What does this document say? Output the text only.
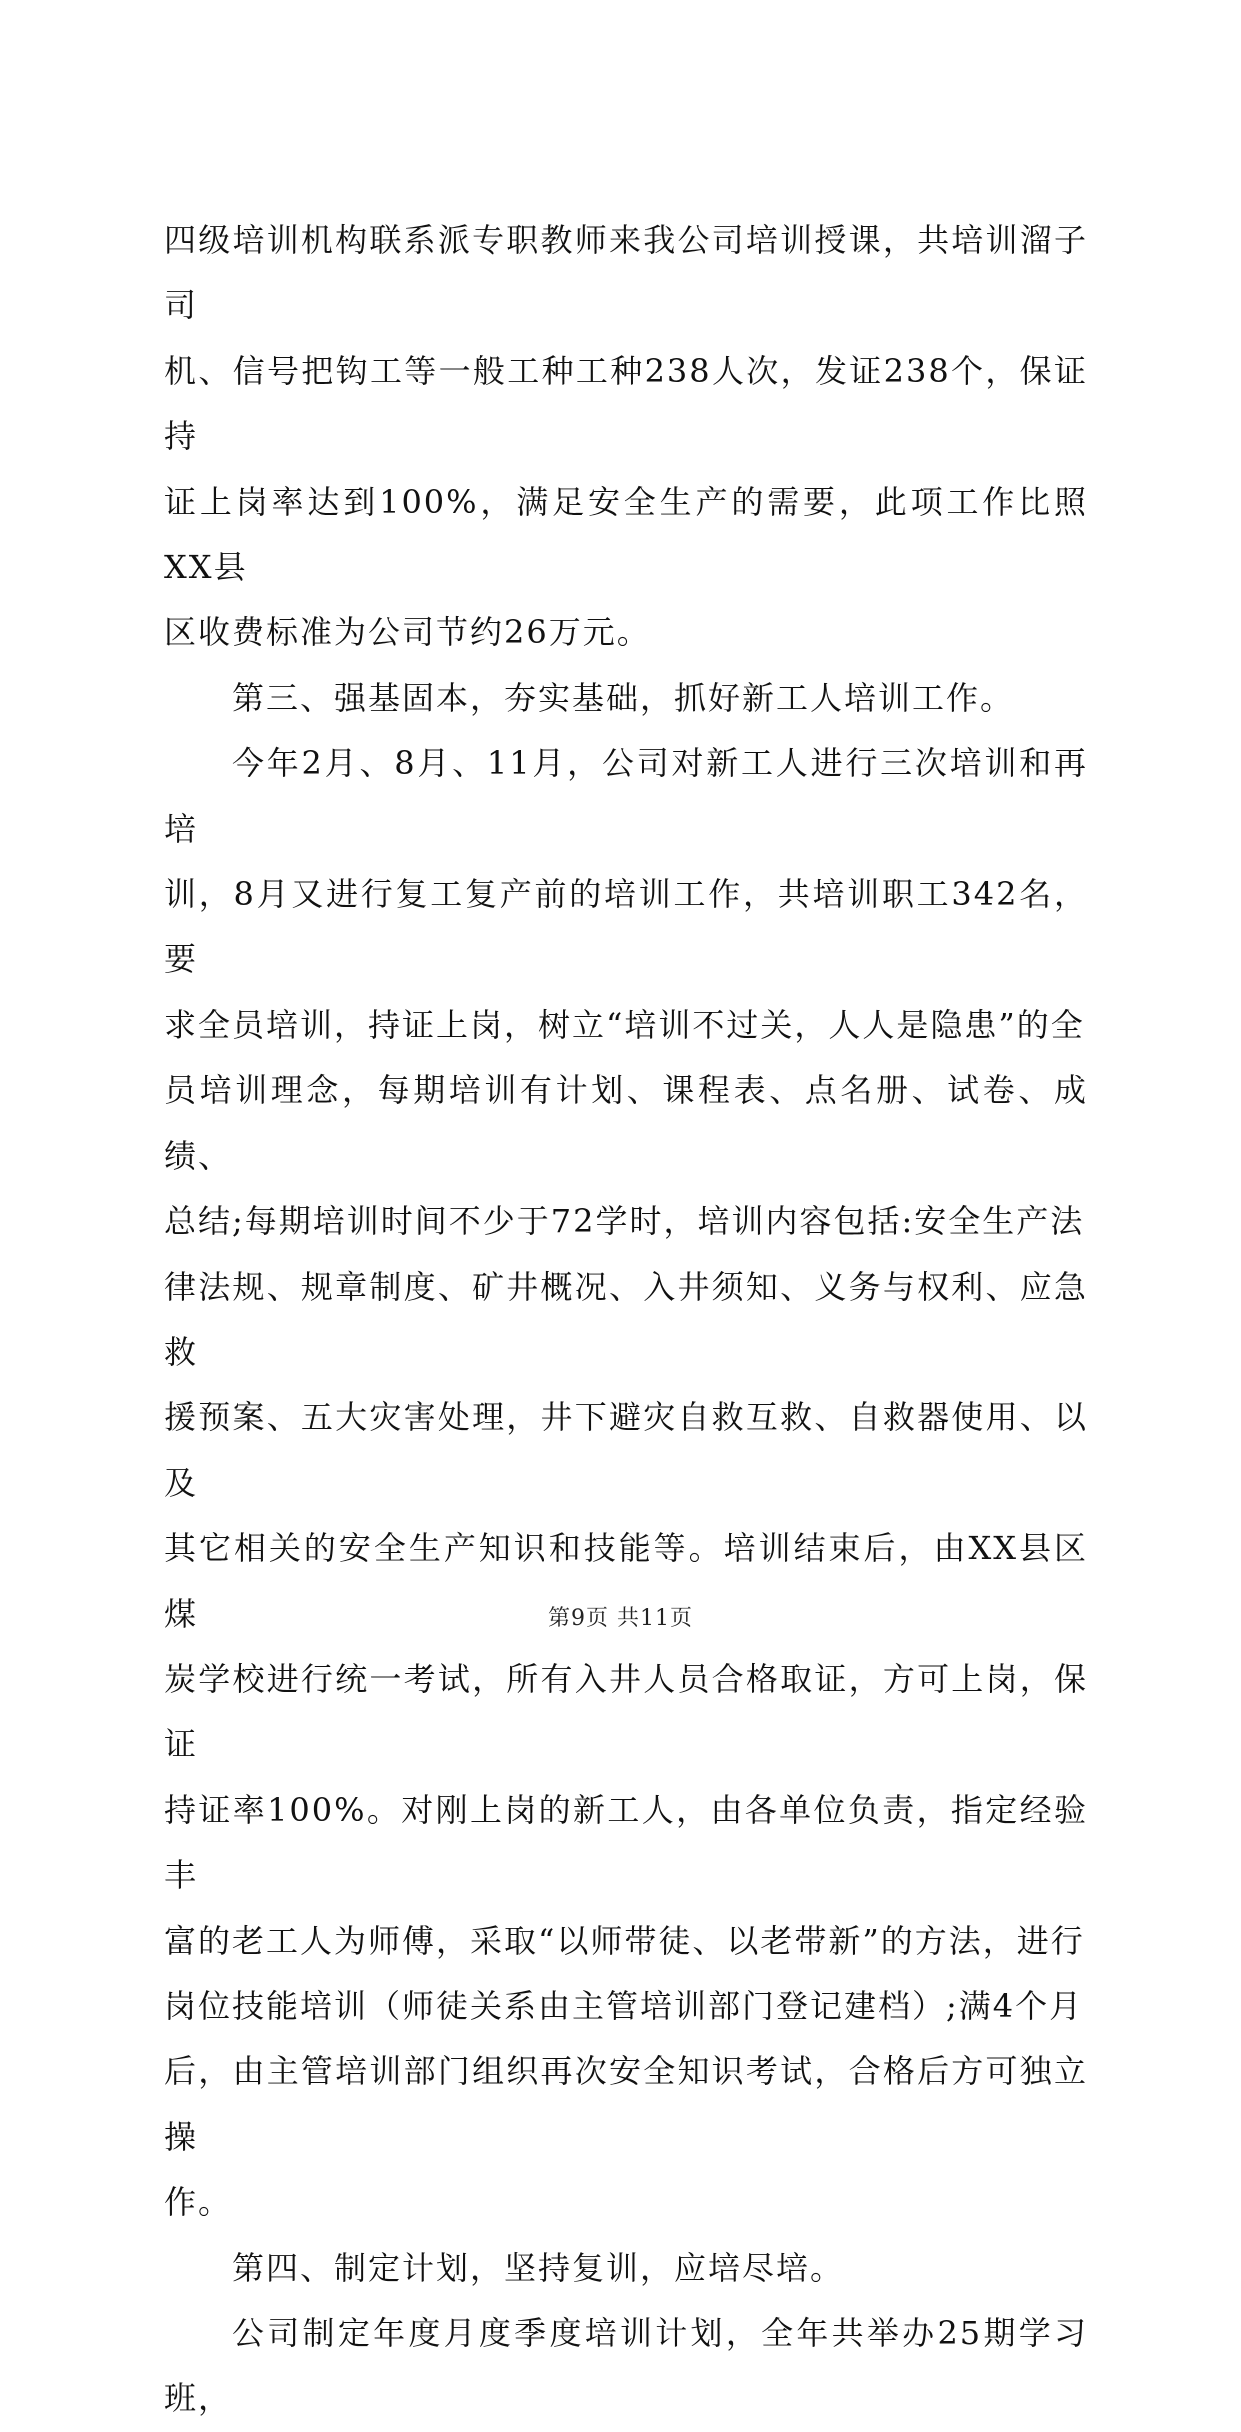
四级培训机构联系派专职教师来我公司培训授课，共培训溜子司
机、信号把钩工等一般工种工种238人次，发证238个，保证持
证上岗率达到100%，满足安全生产的需要，此项工作比照XX县
区收费标准为公司节约26万元。

第三、强基固本，夯实基础，抓好新工人培训工作。

今年2月、8月、11月，公司对新工人进行三次培训和再培
训，8月又进行复工复产前的培训工作，共培训职工342名，要
求全员培训，持证上岗，树立“培训不过关，人人是隐患”的全
员培训理念，每期培训有计划、课程表、点名册、试卷、成绩、
总结;每期培训时间不少于72学时，培训内容包括:安全生产法
律法规、规章制度、矿井概况、入井须知、义务与权利、应急救
援预案、五大灾害处理，井下避灾自救互救、自救器使用、以及
其它相关的安全生产知识和技能等。培训结束后，由XX县区煤
炭学校进行统一考试，所有入井人员合格取证，方可上岗，保证
持证率100%。对刚上岗的新工人，由各单位负责，指定经验丰
富的老工人为师傅，采取“以师带徒、以老带新”的方法，进行
岗位技能培训（师徒关系由主管培训部门登记建档）;满4个月
后，由主管培训部门组织再次安全知识考试，合格后方可独立操
作。

第四、制定计划，坚持复训，应培尽培。

公司制定年度月度季度培训计划，全年共举办25期学习班，

第9页 共11页
